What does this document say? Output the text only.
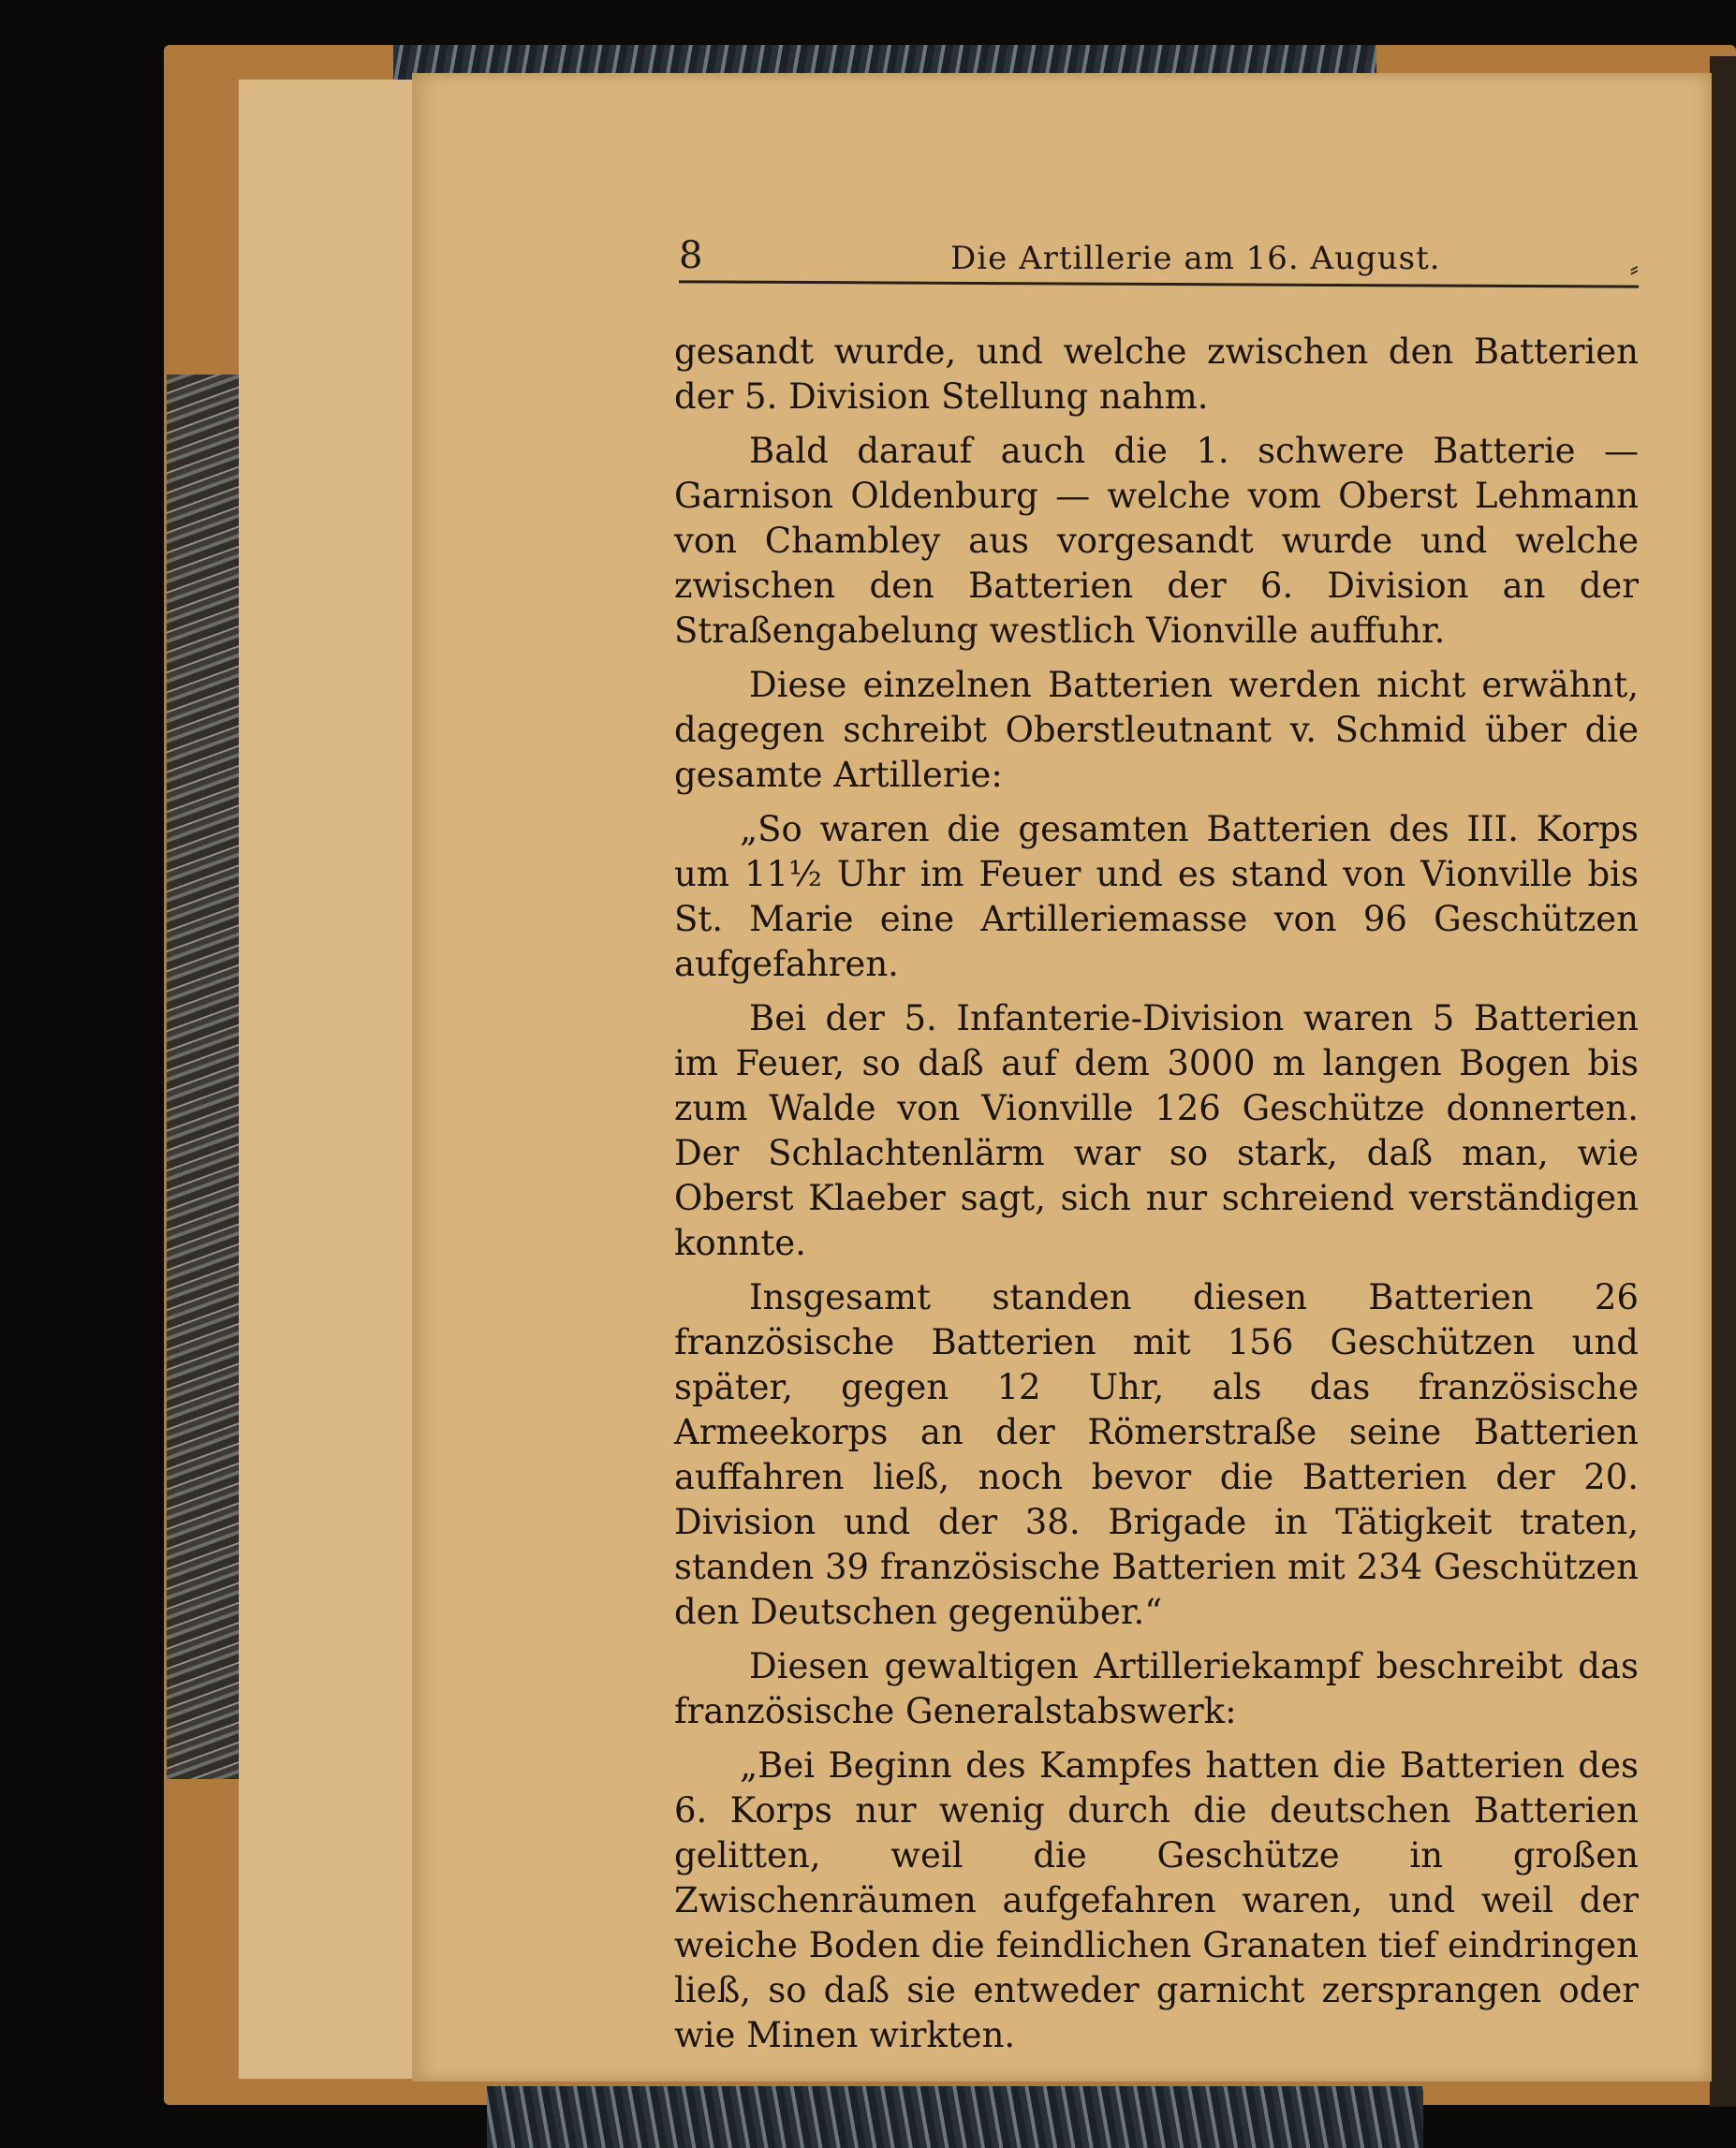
8	Die Artillerie am 16. August.	⸗

gesandt wurde, und welche zwischen den Batterien der 5. Division Stellung nahm.

Bald darauf auch die 1. schwere Batterie — Garnison Oldenburg — welche vom Oberst Lehmann von Chambley aus vorgesandt wurde und welche zwischen den Batterien der 6. Division an der Straßengabelung westlich Vionville auffuhr.

Diese einzelnen Batterien werden nicht erwähnt, dagegen schreibt Oberstleutnant v. Schmid über die gesamte Artillerie:

„So waren die gesamten Batterien des III. Korps um 11½ Uhr im Feuer und es stand von Vionville bis St. Marie eine Artilleriemasse von 96 Geschützen aufgefahren.

Bei der 5. Infanterie-Division waren 5 Batterien im Feuer, so daß auf dem 3000 m langen Bogen bis zum Walde von Vionville 126 Geschütze donnerten. Der Schlachtenlärm war so stark, daß man, wie Oberst Klaeber sagt, sich nur schreiend verständigen konnte.

Insgesamt standen diesen Batterien 26 französische Batterien mit 156 Geschützen und später, gegen 12 Uhr, als das französische Armeekorps an der Römerstraße seine Batterien auffahren ließ, noch bevor die Batterien der 20. Division und der 38. Brigade in Tätigkeit traten, standen 39 französische Batterien mit 234 Geschützen den Deutschen gegenüber.“

Diesen gewaltigen Artilleriekampf beschreibt das französische Generalstabswerk:

„Bei Beginn des Kampfes hatten die Batterien des 6. Korps nur wenig durch die deutschen Batterien gelitten, weil die Geschütze in großen Zwischenräumen aufgefahren waren, und weil der weiche Boden die feindlichen Granaten tief eindringen ließ, so daß sie entweder garnicht zersprangen oder wie Minen wirkten.
